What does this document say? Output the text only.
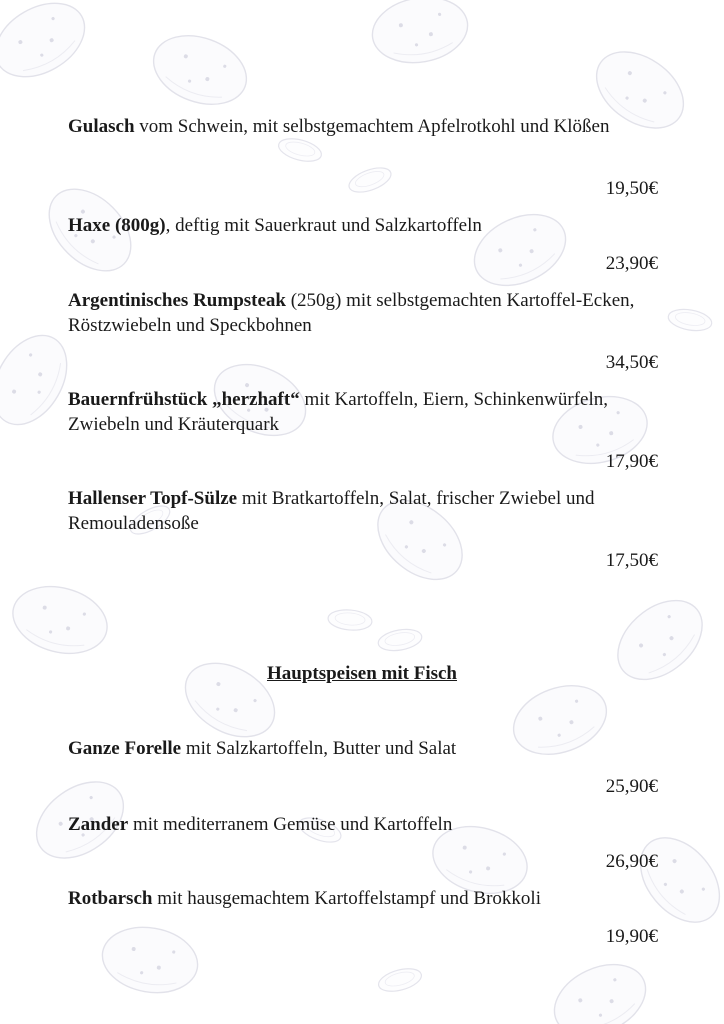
Gulasch vom Schwein, mit selbstgemachtem Apfelrotkohl und Klößen

19,50€

Haxe (800g), deftig mit Sauerkraut und Salzkartoffeln

23,90€

Argentinisches Rumpsteak (250g) mit selbstgemachten Kartoffel-Ecken, Röstzwiebeln und Speckbohnen

34,50€

Bauernfrühstück „herzhaft“ mit Kartoffeln, Eiern, Schinkenwürfeln, Zwiebeln und Kräuterquark

17,90€

Hallenser Topf-Sülze mit Bratkartoffeln, Salat, frischer Zwiebel und Remouladensoße

17,50€

Hauptspeisen mit Fisch

Ganze Forelle mit Salzkartoffeln, Butter und Salat

25,90€

Zander mit mediterranem Gemüse und Kartoffeln

26,90€

Rotbarsch mit hausgemachtem Kartoffelstampf und Brokkoli

19,90€
